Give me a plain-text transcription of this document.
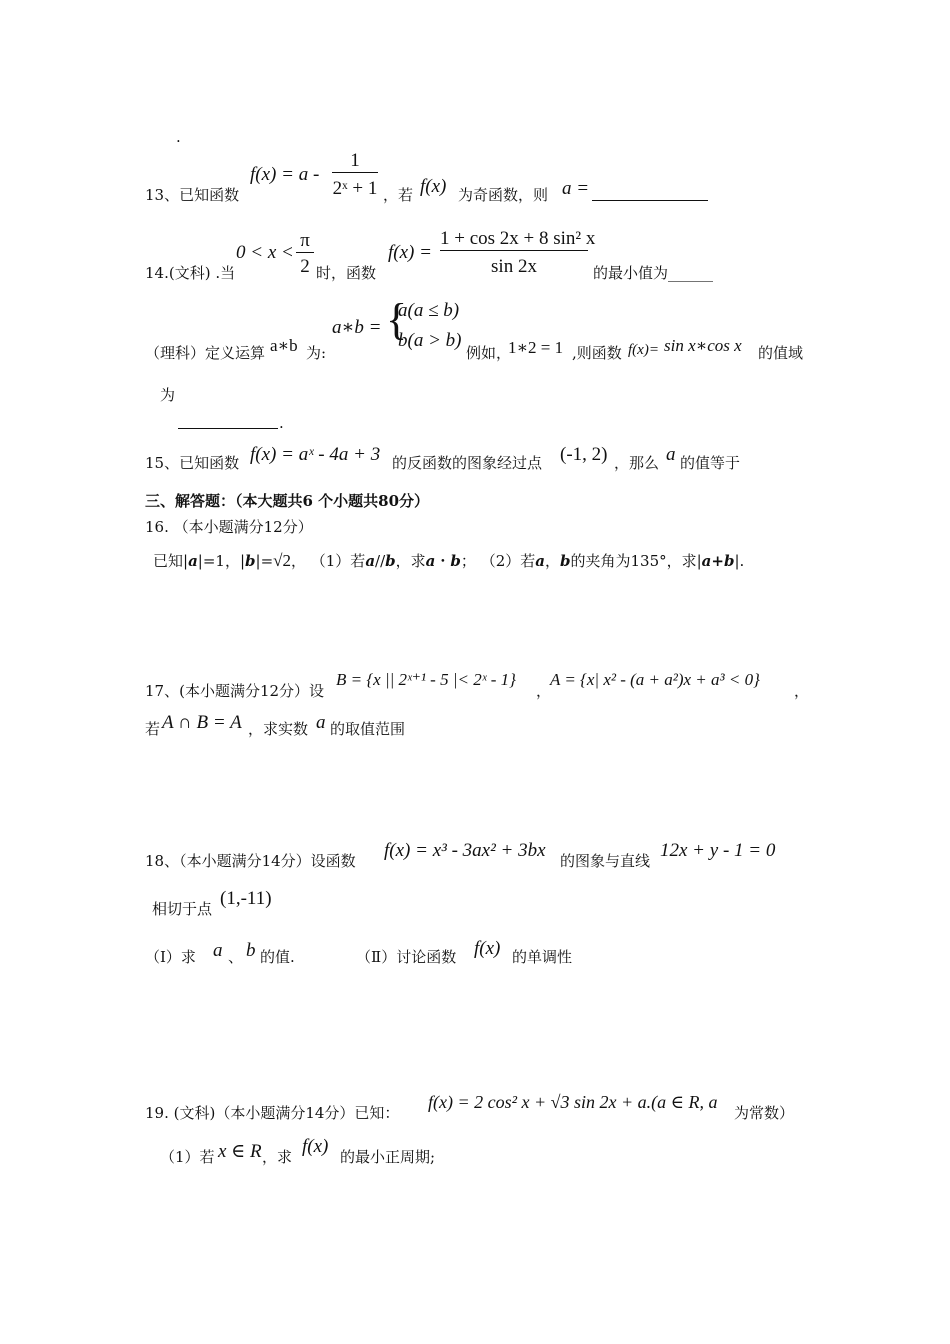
.
13、已知函数
f(x) = a -
1
2ˣ + 1 ，若 f(x) 为奇函数，则 a =
14.(文科) .当
0 < x <
π
2 时，函数
f(x) =
1 + cos 2x + 8 sin² x
sin 2x	的最小值为______
（理科）定义运算 a∗b 为:
a∗b = {
a(a ≤ b)
b(a > b)
例如，
1∗2 = 1 ,则函数 f(x)= sin x∗cos x 的值域
为
.
15、已知函数 f(x) = aˣ - 4a + 3 的反函数的图象经过点 (-1, 2) ，那么 a 的值等于
三、解答题：（本大题共6 个小题共80分）
16. （本小题满分12分）
已知|a|=1，|b|=√2， （1）若a//b，求a・b； （2）若a，b的夹角为135°，求|a+b|.
17、(本小题满分12分）设
B = {x || 2ˣ⁺¹ - 5 |< 2ˣ - 1}
，
A = {x| x² - (a + a²)x + a³ < 0}
，
若 A ∩ B = A ，求实数 a 的取值范围
18、（本小题满分14分）设函数 f(x) = x³ - 3ax² + 3bx 的图象与直线 12x + y - 1 = 0
相切于点 (1,-11)
（Ⅰ）求 a 、 b 的值.	（Ⅱ）讨论函数 f(x) 的单调性
19. (文科)（本小题满分14分）已知：
f(x) = 2 cos² x + √3 sin 2x + a.(a ∈ R, a
为常数）
（1）若 x ∈ R ，求 f(x) 的最小正周期;
